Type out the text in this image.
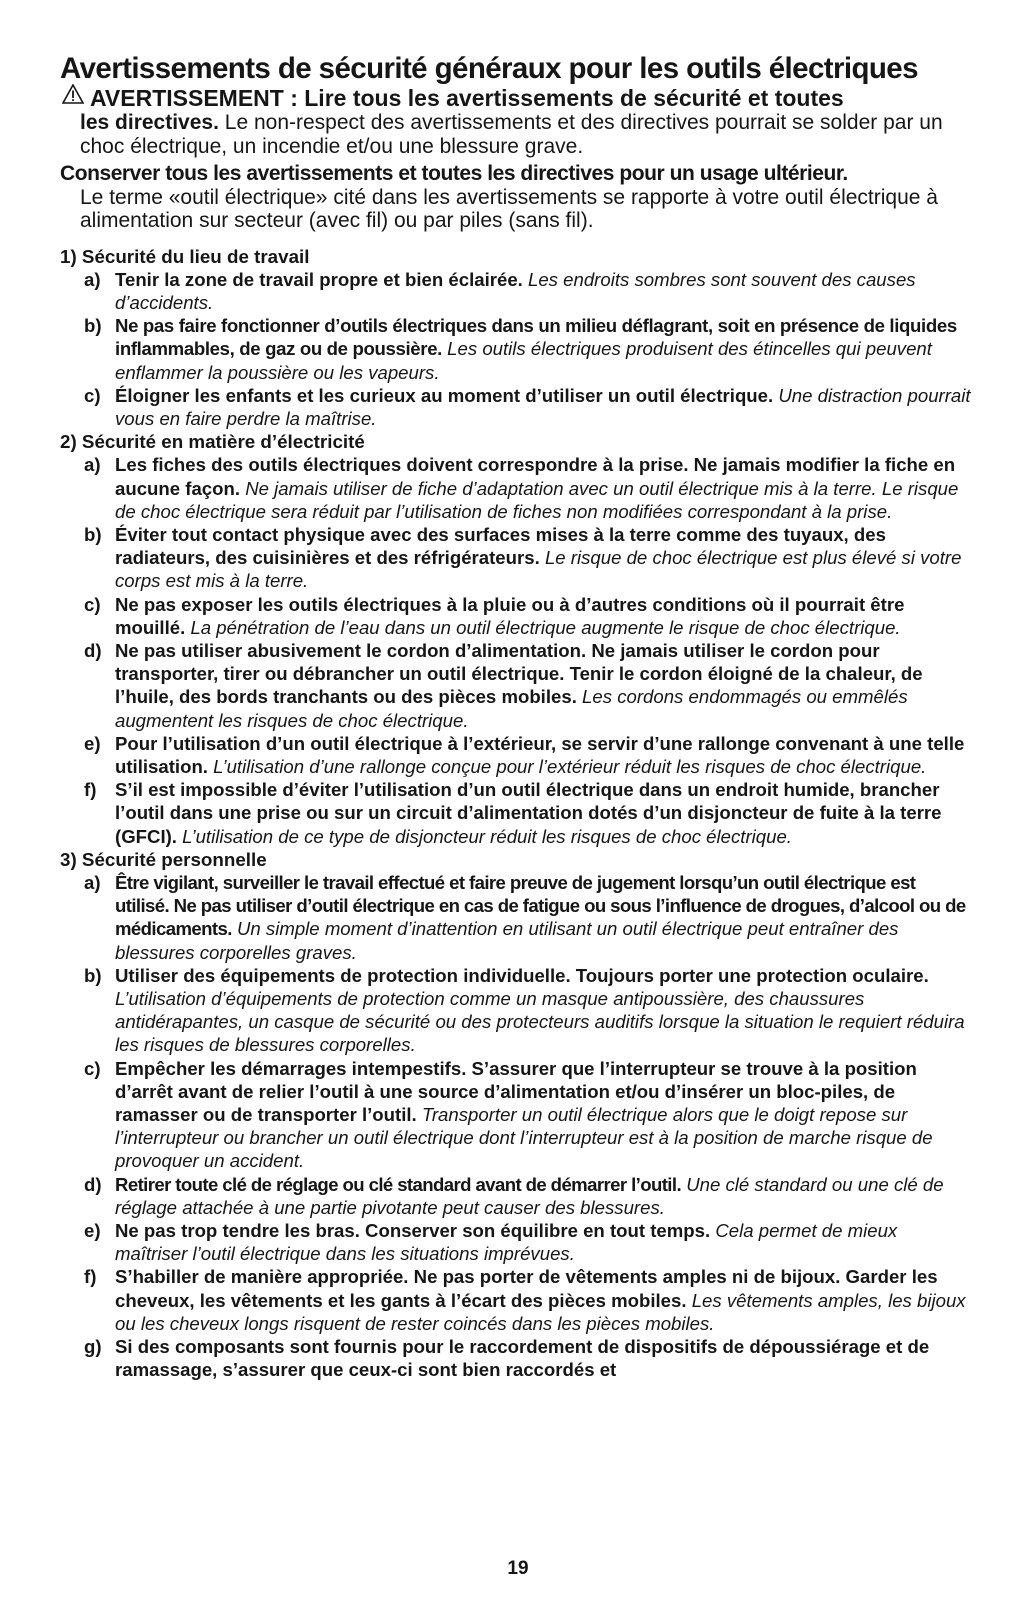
Avertissements de sécurité généraux pour les outils électriques
AVERTISSEMENT : Lire tous les avertissements de sécurité et toutes
les directives. Le non-respect des avertissements et des directives pourrait se solder par un choc électrique, un incendie et/ou une blessure grave.
Conserver tous les avertissements et toutes les directives pour un usage ultérieur.
Le terme «outil électrique» cité dans les avertissements se rapporte à votre outil électrique à alimentation sur secteur (avec fil) ou par piles (sans fil).
1) Sécurité du lieu de travail
a) Tenir la zone de travail propre et bien éclairée. Les endroits sombres sont souvent des causes d’accidents.
b) Ne pas faire fonctionner d’outils électriques dans un milieu déflagrant, soit en présence de liquides inflammables, de gaz ou de poussière. Les outils électriques produisent des étincelles qui peuvent enflammer la poussière ou les vapeurs.
c) Éloigner les enfants et les curieux au moment d’utiliser un outil électrique. Une distraction pourrait vous en faire perdre la maîtrise.
2) Sécurité en matière d’électricité
a) Les fiches des outils électriques doivent correspondre à la prise. Ne jamais modifier la fiche en aucune façon. Ne jamais utiliser de fiche d’adaptation avec un outil électrique mis à la terre. Le risque de choc électrique sera réduit par l’utilisation de fiches non modifiées correspondant à la prise.
b) Éviter tout contact physique avec des surfaces mises à la terre comme des tuyaux, des radiateurs, des cuisinières et des réfrigérateurs. Le risque de choc électrique est plus élevé si votre corps est mis à la terre.
c) Ne pas exposer les outils électriques à la pluie ou à d’autres conditions où il pourrait être mouillé. La pénétration de l’eau dans un outil électrique augmente le risque de choc électrique.
d) Ne pas utiliser abusivement le cordon d’alimentation. Ne jamais utiliser le cordon pour transporter, tirer ou débrancher un outil électrique. Tenir le cordon éloigné de la chaleur, de l’huile, des bords tranchants ou des pièces mobiles. Les cordons endommagés ou emmêlés augmentent les risques de choc électrique.
e) Pour l’utilisation d’un outil électrique à l’extérieur, se servir d’une rallonge convenant à une telle utilisation. L’utilisation d’une rallonge conçue pour l’extérieur réduit les risques de choc électrique.
f) S’il est impossible d’éviter l’utilisation d’un outil électrique dans un endroit humide, brancher l’outil dans une prise ou sur un circuit d’alimentation dotés d’un disjoncteur de fuite à la terre (GFCI). L’utilisation de ce type de disjoncteur réduit les risques de choc électrique.
3) Sécurité personnelle
a) Être vigilant, surveiller le travail effectué et faire preuve de jugement lorsqu’un outil électrique est utilisé. Ne pas utiliser d’outil électrique en cas de fatigue ou sous l’influence de drogues, d’alcool ou de médicaments. Un simple moment d’inattention en utilisant un outil électrique peut entraîner des blessures corporelles graves.
b) Utiliser des équipements de protection individuelle. Toujours porter une protection oculaire. L’utilisation d’équipements de protection comme un masque antipoussière, des chaussures antidérapantes, un casque de sécurité ou des protecteurs auditifs lorsque la situation le requiert réduira les risques de blessures corporelles.
c) Empêcher les démarrages intempestifs. S’assurer que l’interrupteur se trouve à la position d’arrêt avant de relier l’outil à une source d’alimentation et/ou d’insérer un bloc-piles, de ramasser ou de transporter l’outil. Transporter un outil électrique alors que le doigt repose sur l’interrupteur ou brancher un outil électrique dont l’interrupteur est à la position de marche risque de provoquer un accident.
d) Retirer toute clé de réglage ou clé standard avant de démarrer l’outil. Une clé standard ou une clé de réglage attachée à une partie pivotante peut causer des blessures.
e) Ne pas trop tendre les bras. Conserver son équilibre en tout temps. Cela permet de mieux maîtriser l’outil électrique dans les situations imprévues.
f) S’habiller de manière appropriée. Ne pas porter de vêtements amples ni de bijoux. Garder les cheveux, les vêtements et les gants à l’écart des pièces mobiles. Les vêtements amples, les bijoux ou les cheveux longs risquent de rester coincés dans les pièces mobiles.
g) Si des composants sont fournis pour le raccordement de dispositifs de dépoussiérage et de ramassage, s’assurer que ceux-ci sont bien raccordés et
19
